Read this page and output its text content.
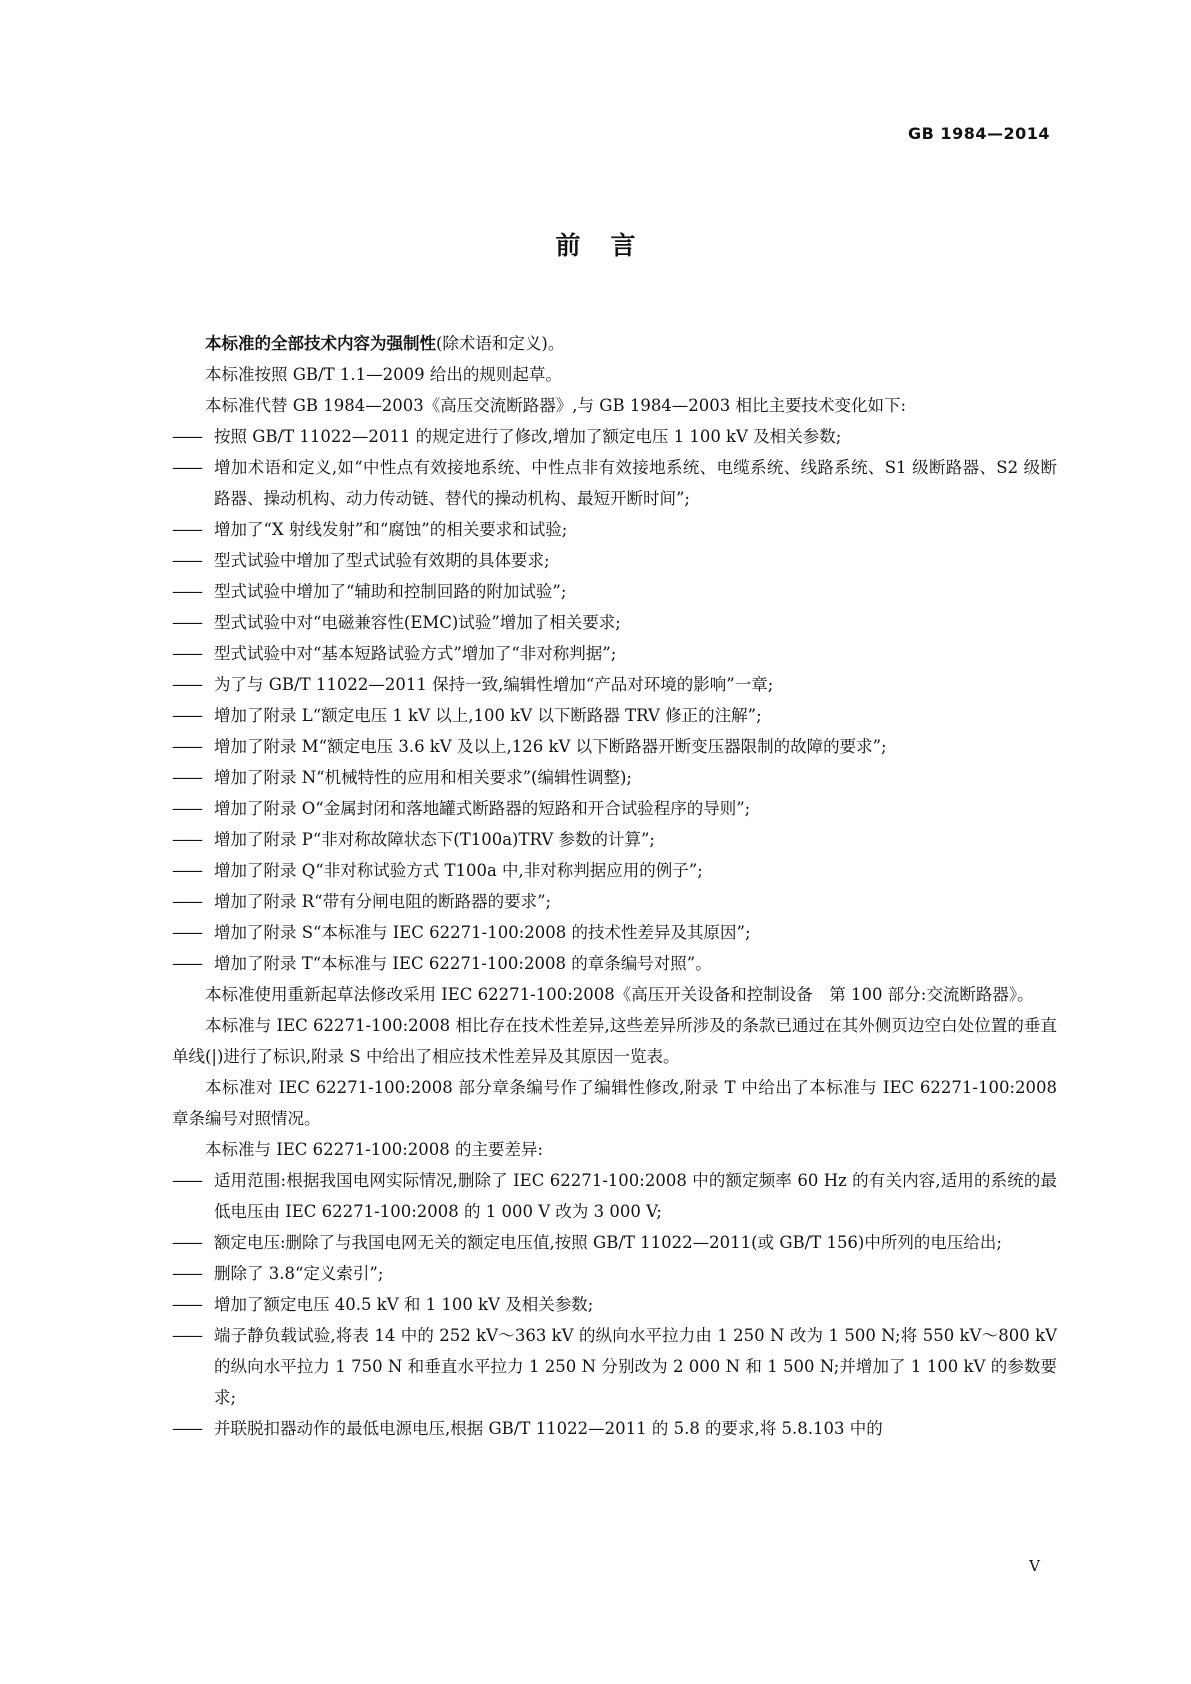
GB 1984—2014
前言

本标准的全部技术内容为强制性(除术语和定义)。

本标准按照 GB/T 1.1—2009 给出的规则起草。

本标准代替 GB 1984—2003《高压交流断路器》,与 GB 1984—2003 相比主要技术变化如下:

—— 按照 GB/T 11022—2011 的规定进行了修改,增加了额定电压 1 100 kV 及相关参数;
—— 增加术语和定义,如“中性点有效接地系统、中性点非有效接地系统、电缆系统、线路系统、S1 级断路器、S2 级断路器、操动机构、动力传动链、替代的操动机构、最短开断时间”;
—— 增加了“X 射线发射”和“腐蚀”的相关要求和试验;
—— 型式试验中增加了型式试验有效期的具体要求;
—— 型式试验中增加了“辅助和控制回路的附加试验”;
—— 型式试验中对“电磁兼容性(EMC)试验”增加了相关要求;
—— 型式试验中对“基本短路试验方式”增加了“非对称判据”;
—— 为了与 GB/T 11022—2011 保持一致,编辑性增加“产品对环境的影响”一章;
—— 增加了附录 L“额定电压 1 kV 以上,100 kV 以下断路器 TRV 修正的注解”;
—— 增加了附录 M“额定电压 3.6 kV 及以上,126 kV 以下断路器开断变压器限制的故障的要求”;
—— 增加了附录 N“机械特性的应用和相关要求”(编辑性调整);
—— 增加了附录 O“金属封闭和落地罐式断路器的短路和开合试验程序的导则”;
—— 增加了附录 P“非对称故障状态下(T100a)TRV 参数的计算”;
—— 增加了附录 Q“非对称试验方式 T100a 中,非对称判据应用的例子”;
—— 增加了附录 R“带有分闸电阻的断路器的要求”;
—— 增加了附录 S“本标准与 IEC 62271-100:2008 的技术性差异及其原因”;
—— 增加了附录 T“本标准与 IEC 62271-100:2008 的章条编号对照”。

本标准使用重新起草法修改采用 IEC 62271-100:2008《高压开关设备和控制设备　第 100 部分:交流断路器》。

本标准与 IEC 62271-100:2008 相比存在技术性差异,这些差异所涉及的条款已通过在其外侧页边空白处位置的垂直单线(|)进行了标识,附录 S 中给出了相应技术性差异及其原因一览表。

本标准对 IEC 62271-100:2008 部分章条编号作了编辑性修改,附录 T 中给出了本标准与 IEC 62271-100:2008 章条编号对照情况。

本标准与 IEC 62271-100:2008 的主要差异:

—— 适用范围:根据我国电网实际情况,删除了 IEC 62271-100:2008 中的额定频率 60 Hz 的有关内容,适用的系统的最低电压由 IEC 62271-100:2008 的 1 000 V 改为 3 000 V;
—— 额定电压:删除了与我国电网无关的额定电压值,按照 GB/T 11022—2011(或 GB/T 156)中所列的电压给出;
—— 删除了 3.8“定义索引”;
—— 增加了额定电压 40.5 kV 和 1 100 kV 及相关参数;
—— 端子静负载试验,将表 14 中的 252 kV～363 kV 的纵向水平拉力由 1 250 N 改为 1 500 N;将 550 kV～800 kV 的纵向水平拉力 1 750 N 和垂直水平拉力 1 250 N 分别改为 2 000 N 和 1 500 N;并增加了 1 100 kV 的参数要求;
—— 并联脱扣器动作的最低电源电压,根据 GB/T 11022—2011 的 5.8 的要求,将 5.8.103 中的
V
